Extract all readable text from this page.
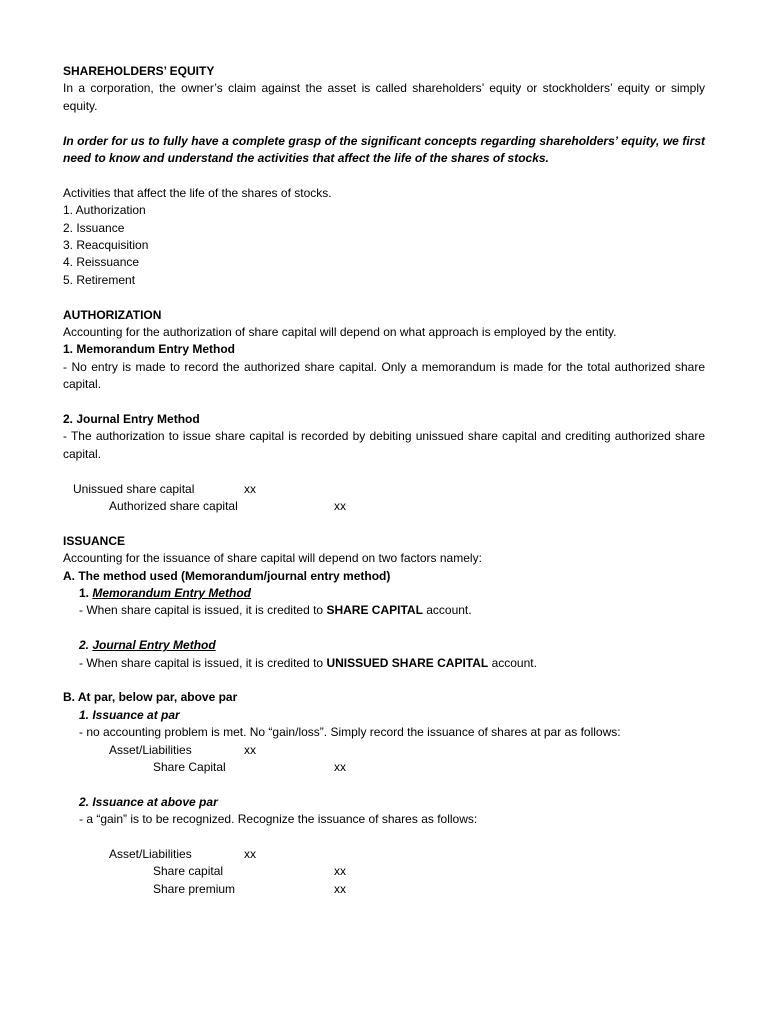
SHAREHOLDERS’ EQUITY

In a corporation, the owner’s claim against the asset is called shareholders’ equity or stockholders’ equity or simply equity.

In order for us to fully have a complete grasp of the significant concepts regarding shareholders’ equity, we first need to know and understand the activities that affect the life of the shares of stocks.

Activities that affect the life of the shares of stocks.

1. Authorization

2. Issuance

3. Reacquisition

4. Reissuance

5. Retirement

AUTHORIZATION

Accounting for the authorization of share capital will depend on what approach is employed by the entity.

1. Memorandum Entry Method

- No entry is made to record the authorized share capital. Only a memorandum is made for the total authorized share capital.

2. Journal Entry Method

- The authorization to issue share capital is recorded by debiting unissued share capital and crediting authorized share capital.

Unissued share capital	xx
Authorized share capital	xx

ISSUANCE

Accounting for the issuance of share capital will depend on two factors namely:

A. The method used (Memorandum/journal entry method)

1. Memorandum Entry Method

- When share capital is issued, it is credited to SHARE CAPITAL account.

2. Journal Entry Method

- When share capital is issued, it is credited to UNISSUED SHARE CAPITAL account.

B. At par, below par, above par

1. Issuance at par

- no accounting problem is met. No “gain/loss”. Simply record the issuance of shares at par as follows:

Asset/Liabilities	xx
Share Capital	xx

2. Issuance at above par

- a “gain” is to be recognized. Recognize the issuance of shares as follows:

Asset/Liabilities	xx
Share capital	xx
Share premium	xx
